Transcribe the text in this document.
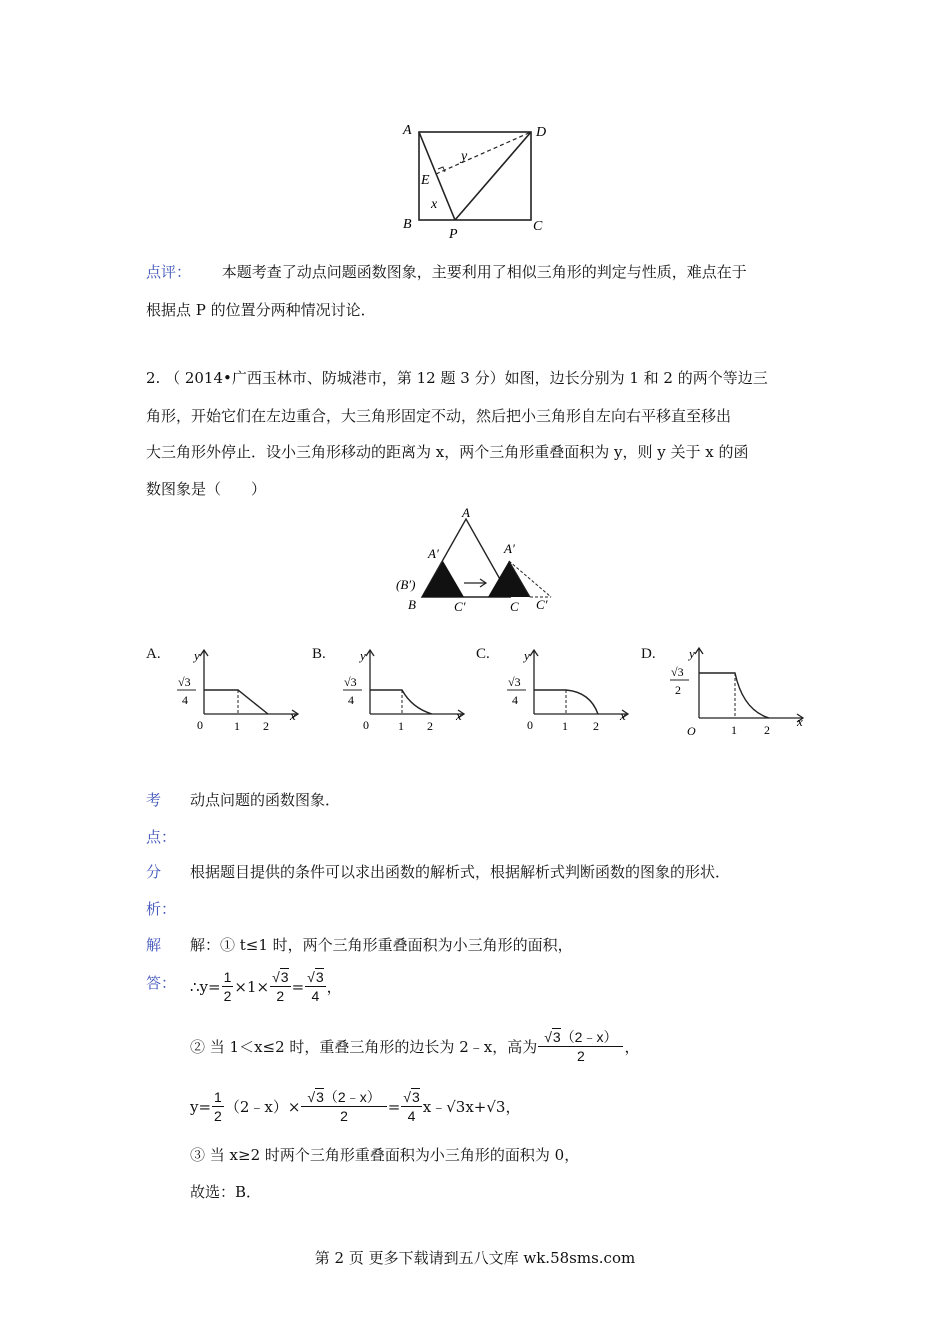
A	D
E
y
x
B
P
C
点评： 本题考查了动点问题函数图象，主要利用了相似三角形的判定与性质，难点在于
根据点 P 的位置分两种情况讨论．
2. （ 2014•广西玉林市、防城港市，第 12 题 3 分）如图，边长分别为 1 和 2 的两个等边三
角形，开始它们在左边重合，大三角形固定不动，然后把小三角形自左向右平移直至移出
大三角形外停止．设小三角形移动的距离为 x，两个三角形重叠面积为 y，则 y 关于 x 的函
数图象是（　　）
A
A′	A′
(B′)
B	C′	C C′
A.	y
x
0	1 2
√3
4
B.	y
x
0 1 2
√3
4
C.	y
x
0 1 2
√3
4
D.	y
x
O	1 2
√3
2
考
点：
动点问题的函数图象．
分
析：
根据题目提供的条件可以求出函数的解析式，根据解析式判断函数的图象的形状．
解
答：
解：① t≤1 时，两个三角形重叠面积为小三角形的面积，
∴y= $\frac{1}{2} \times 1\times \frac{√3}{2} = \frac{√3}{4}$ ，
② 当 1＜x≤2 时，重叠三角形的边长为 2﹣x，高为 $\frac{√3(2﹣x)}{2}$ ，
$y= \frac{1}{2}$ （2﹣x）× $\frac{√3(2﹣x)}{2} = \frac{√3}{4}$ x﹣√3x+√3，
③ 当 x≥2 时两个三角形重叠面积为小三角形的面积为 0，
故选：B．
第 2 页 更多下载请到五八文库 wk.58sms.com
